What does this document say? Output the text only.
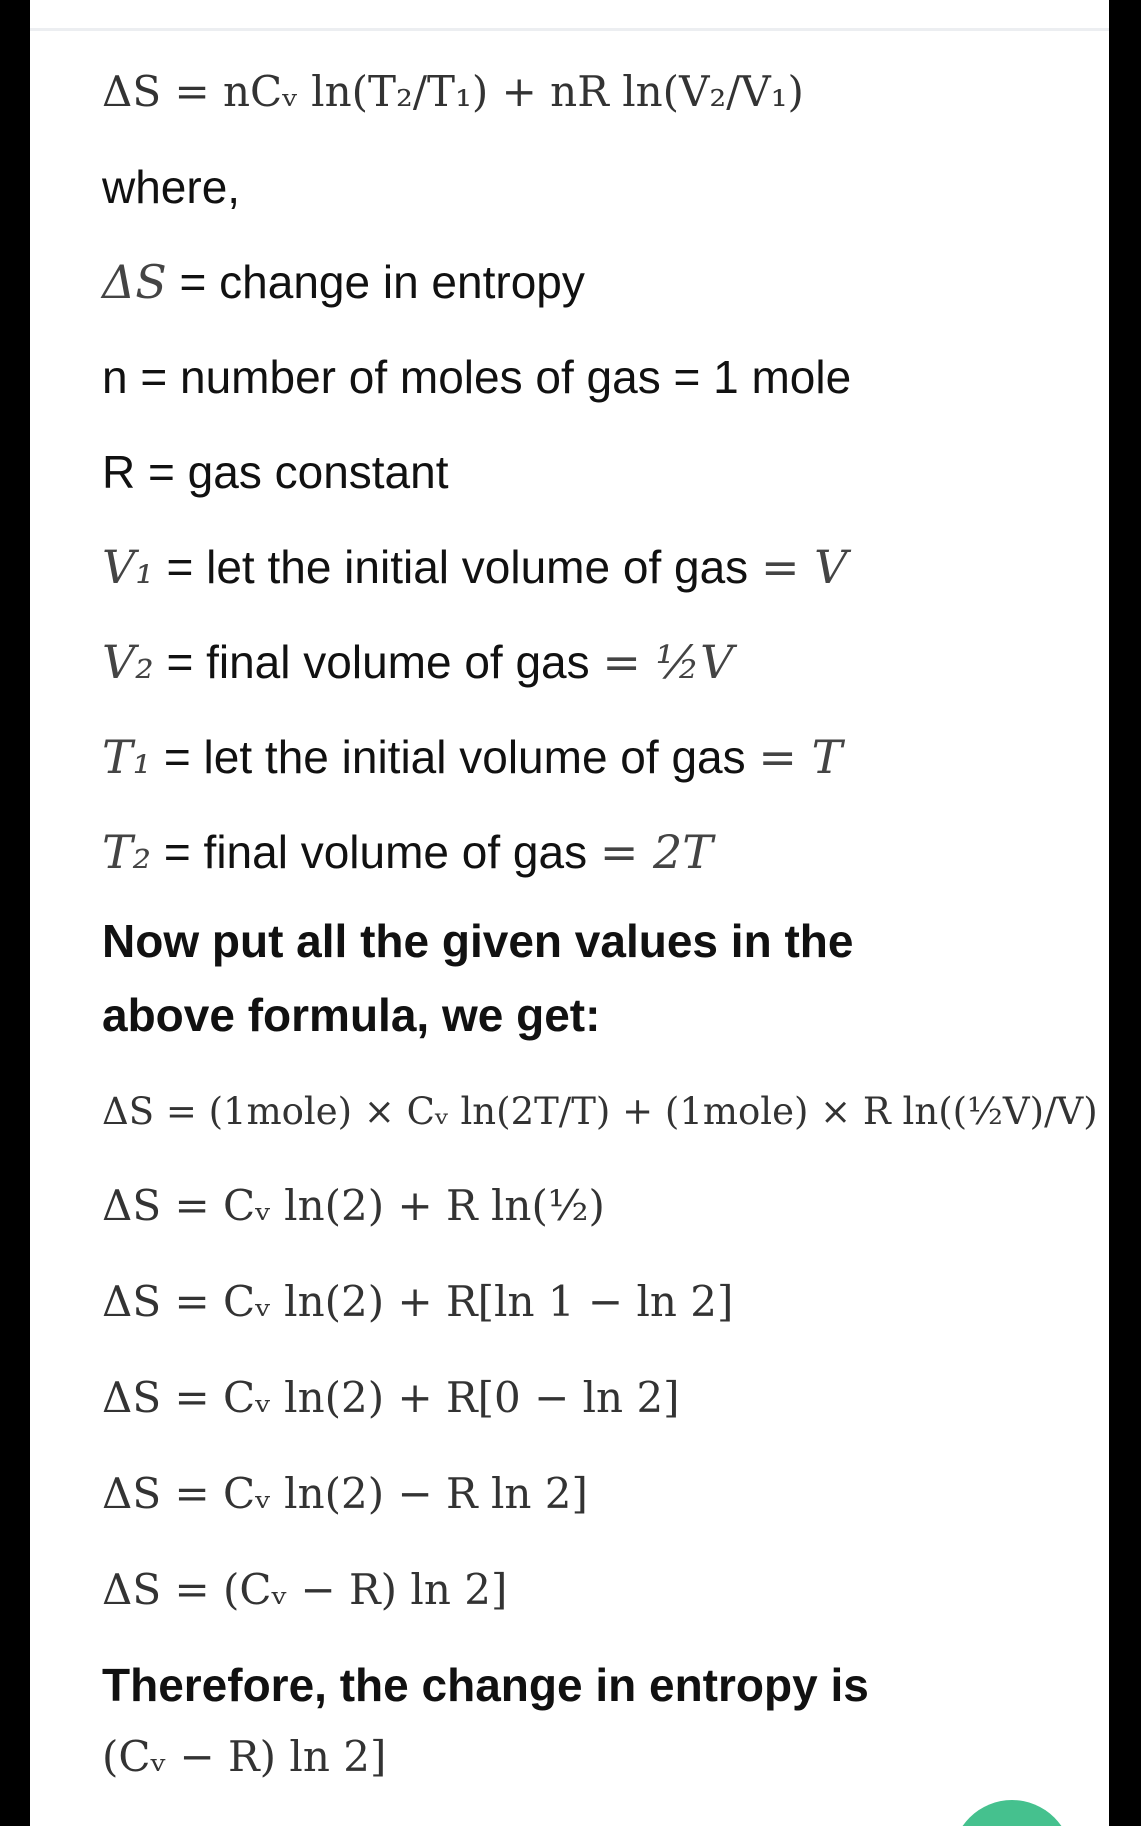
ΔS = nCᵥ ln(T₂/T₁) + nR ln(V₂/V₁)
where,
ΔS = change in entropy
n = number of moles of gas = 1 mole
R = gas constant
V₁ = let the initial volume of gas = V
V₂ = final volume of gas = ½V
T₁ = let the initial volume of gas = T
T₂ = final volume of gas = 2T
Now put all the given values in the above formula, we get:
ΔS = (1mole) × Cᵥ ln(2T/T) + (1mole) × R ln((½V)/V)
ΔS = Cᵥ ln(2) + R ln(½)
ΔS = Cᵥ ln(2) + R[ln 1 − ln 2]
ΔS = Cᵥ ln(2) + R[0 − ln 2]
ΔS = Cᵥ ln(2) − R ln 2]
ΔS = (Cᵥ − R) ln 2]
Therefore, the change in entropy is
(Cᵥ − R) ln 2]
